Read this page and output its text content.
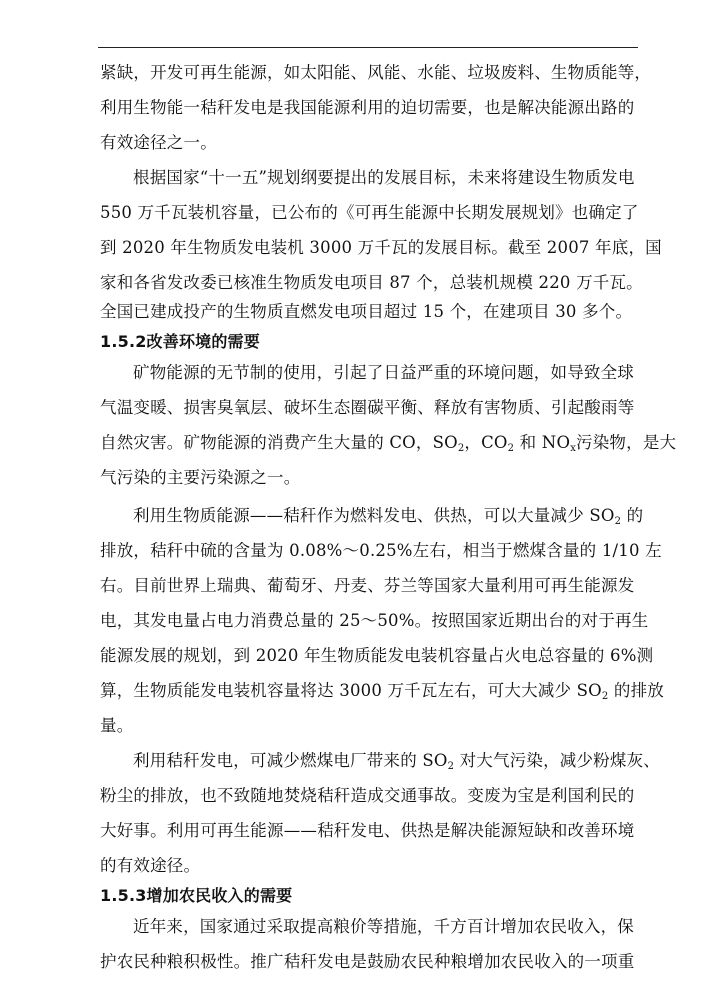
紧缺，开发可再生能源，如太阳能、风能、水能、垃圾废料、生物质能等，
利用生物能一秸秆发电是我国能源利用的迫切需要，也是解决能源出路的
有效途径之一。
根据国家“十一五”规划纲要提出的发展目标，未来将建设生物质发电
550 万千瓦装机容量，已公布的《可再生能源中长期发展规划》也确定了
到 2020 年生物质发电装机 3000 万千瓦的发展目标。截至 2007 年底，国
家和各省发改委已核准生物质发电项目 87 个，总装机规模 220 万千瓦。
全国已建成投产的生物质直燃发电项目超过 15 个，在建项目 30 多个。
1.5.2改善环境的需要
矿物能源的无节制的使用，引起了日益严重的环境问题，如导致全球
气温变暖、损害臭氧层、破坏生态圈碳平衡、释放有害物质、引起酸雨等
自然灾害。矿物能源的消费产生大量的 CO，$SO_2$，$CO_2$ 和 $NO_x$污染物，是大
气污染的主要污染源之一。
利用生物质能源——秸秆作为燃料发电、供热，可以大量减少 $SO_2$ 的
排放，秸秆中硫的含量为 0.08%～0.25%左右，相当于燃煤含量的 1/10 左
右。目前世界上瑞典、葡萄牙、丹麦、芬兰等国家大量利用可再生能源发
电，其发电量占电力消费总量的 25～50%。按照国家近期出台的对于再生
能源发展的规划，到 2020 年生物质能发电装机容量占火电总容量的 6%测
算，生物质能发电装机容量将达 3000 万千瓦左右，可大大减少 $SO_2$ 的排放
量。
利用秸秆发电，可减少燃煤电厂带来的 $SO_2$ 对大气污染，减少粉煤灰、
粉尘的排放，也不致随地焚烧秸秆造成交通事故。变废为宝是利国利民的
大好事。利用可再生能源——秸秆发电、供热是解决能源短缺和改善环境
的有效途径。
1.5.3增加农民收入的需要
近年来，国家通过采取提高粮价等措施，千方百计增加农民收入，保
护农民种粮积极性。推广秸秆发电是鼓励农民种粮增加农民收入的一项重
